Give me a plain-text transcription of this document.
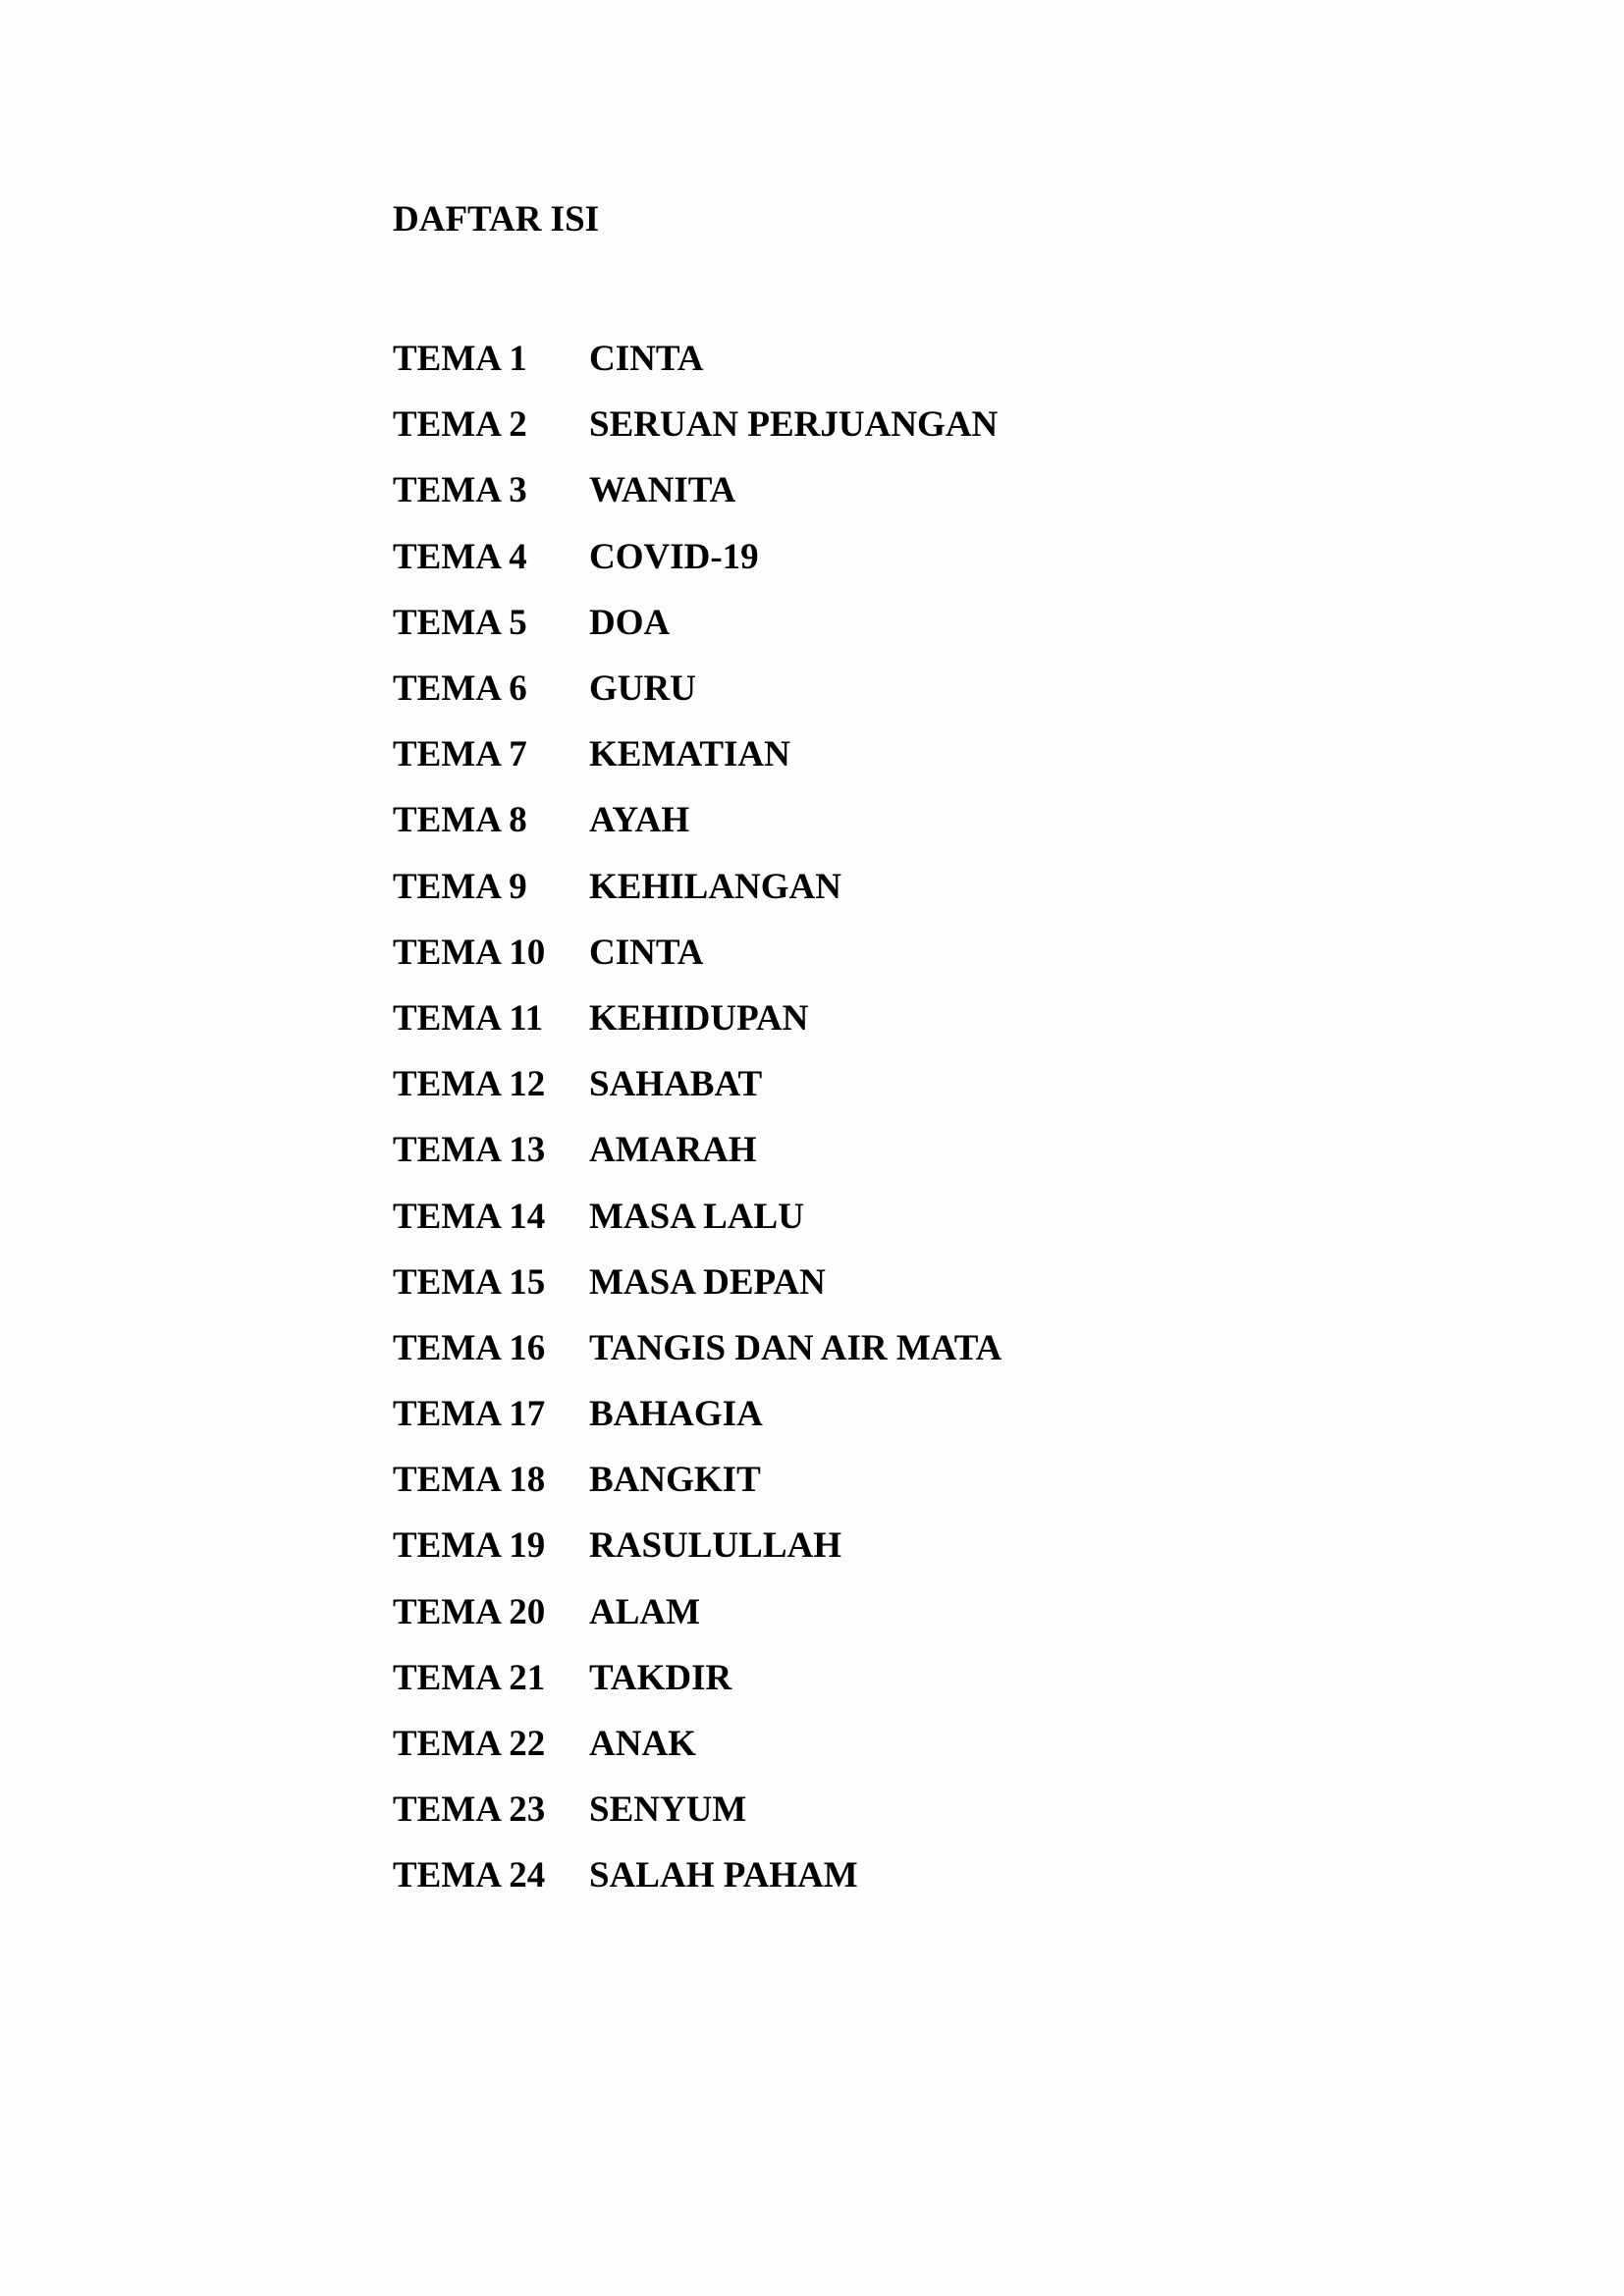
DAFTAR ISI
TEMA 1	CINTA
TEMA 2	SERUAN PERJUANGAN
TEMA 3	WANITA
TEMA 4	COVID-19
TEMA 5	DOA
TEMA 6	GURU
TEMA 7	KEMATIAN
TEMA 8	AYAH
TEMA 9	KEHILANGAN
TEMA 10	CINTA
TEMA 11	KEHIDUPAN
TEMA 12	SAHABAT
TEMA 13	AMARAH
TEMA 14	MASA LALU
TEMA 15	MASA DEPAN
TEMA 16	TANGIS DAN AIR MATA
TEMA 17	BAHAGIA
TEMA 18	BANGKIT
TEMA 19	RASULULLAH
TEMA 20	ALAM
TEMA 21	TAKDIR
TEMA 22	ANAK
TEMA 23	SENYUM
TEMA 24	SALAH PAHAM
